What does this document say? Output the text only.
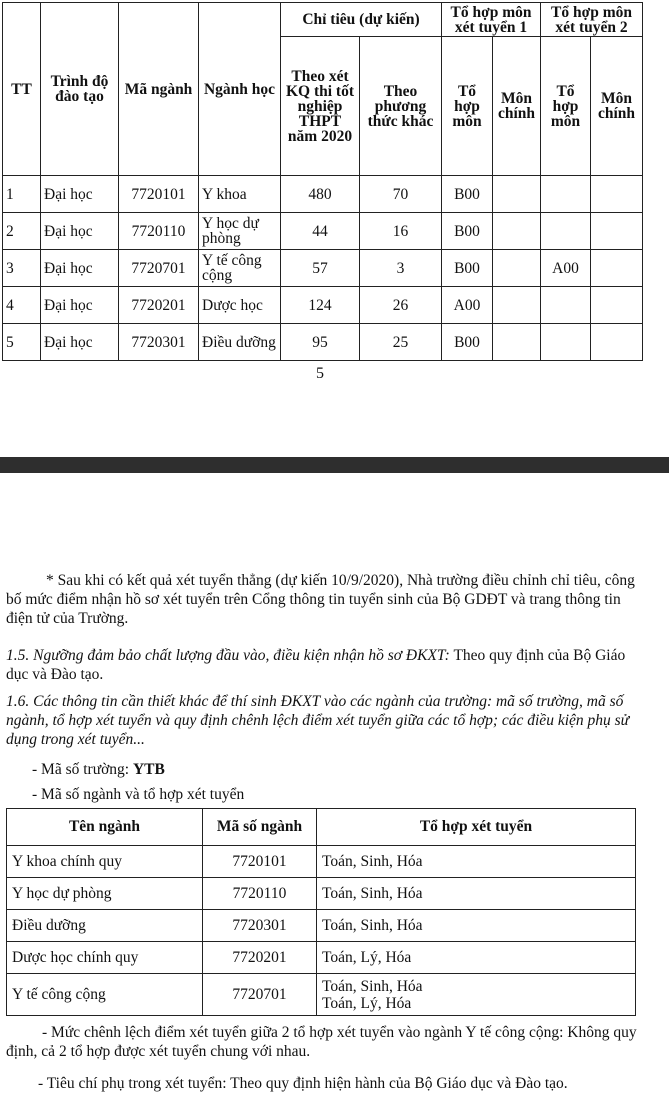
TT	Trình độ đào tạo	Mã ngành	Ngành học	Chỉ tiêu (dự kiến)		Tổ hợp môn xét tuyển 1		Tổ hợp môn xét tuyển 2	
				Theo xét KQ thi tốt nghiệp THPT năm 2020	Theo phương thức khác	Tổ hợp môn	Môn chính	Tổ hợp môn	Môn chính
1	Đại học	7720101	Y khoa	480	70	B00			
2	Đại học	7720110	Y học dự phòng	44	16	B00			
3	Đại học	7720701	Y tế công cộng	57	3	B00		A00	
4	Đại học	7720201	Dược học	124	26	A00			
5	Đại học	7720301	Điều dưỡng	95	25	B00			
5

* Sau khi có kết quả xét tuyển thẳng (dự kiến 10/9/2020), Nhà trường điều chỉnh chỉ tiêu, công bố mức điểm nhận hồ sơ xét tuyển trên Cổng thông tin tuyển sinh của Bộ GDĐT và trang thông tin điện tử của Trường.

1.5. Ngưỡng đảm bảo chất lượng đầu vào, điều kiện nhận hồ sơ ĐKXT: Theo quy định của Bộ Giáo dục và Đào tạo.

1.6. Các thông tin cần thiết khác để thí sinh ĐKXT vào các ngành của trường: mã số trường, mã số ngành, tổ hợp xét tuyển và quy định chênh lệch điểm xét tuyển giữa các tổ hợp; các điều kiện phụ sử dụng trong xét tuyển...

- Mã số trường: YTB
- Mã số ngành và tổ hợp xét tuyển
Tên ngành	Mã số ngành	Tổ hợp xét tuyển
Y khoa chính quy	7720101	Toán, Sinh, Hóa
Y học dự phòng	7720110	Toán, Sinh, Hóa
Điều dưỡng	7720301	Toán, Sinh, Hóa
Dược học chính quy	7720201	Toán, Lý, Hóa
Y tế công cộng	7720701	Toán, Sinh, Hóa
Toán, Lý, Hóa

- Mức chênh lệch điểm xét tuyển giữa 2 tổ hợp xét tuyển vào ngành Y tế công cộng: Không quy định, cả 2 tổ hợp được xét tuyển chung với nhau.

- Tiêu chí phụ trong xét tuyển: Theo quy định hiện hành của Bộ Giáo dục và Đào tạo.
